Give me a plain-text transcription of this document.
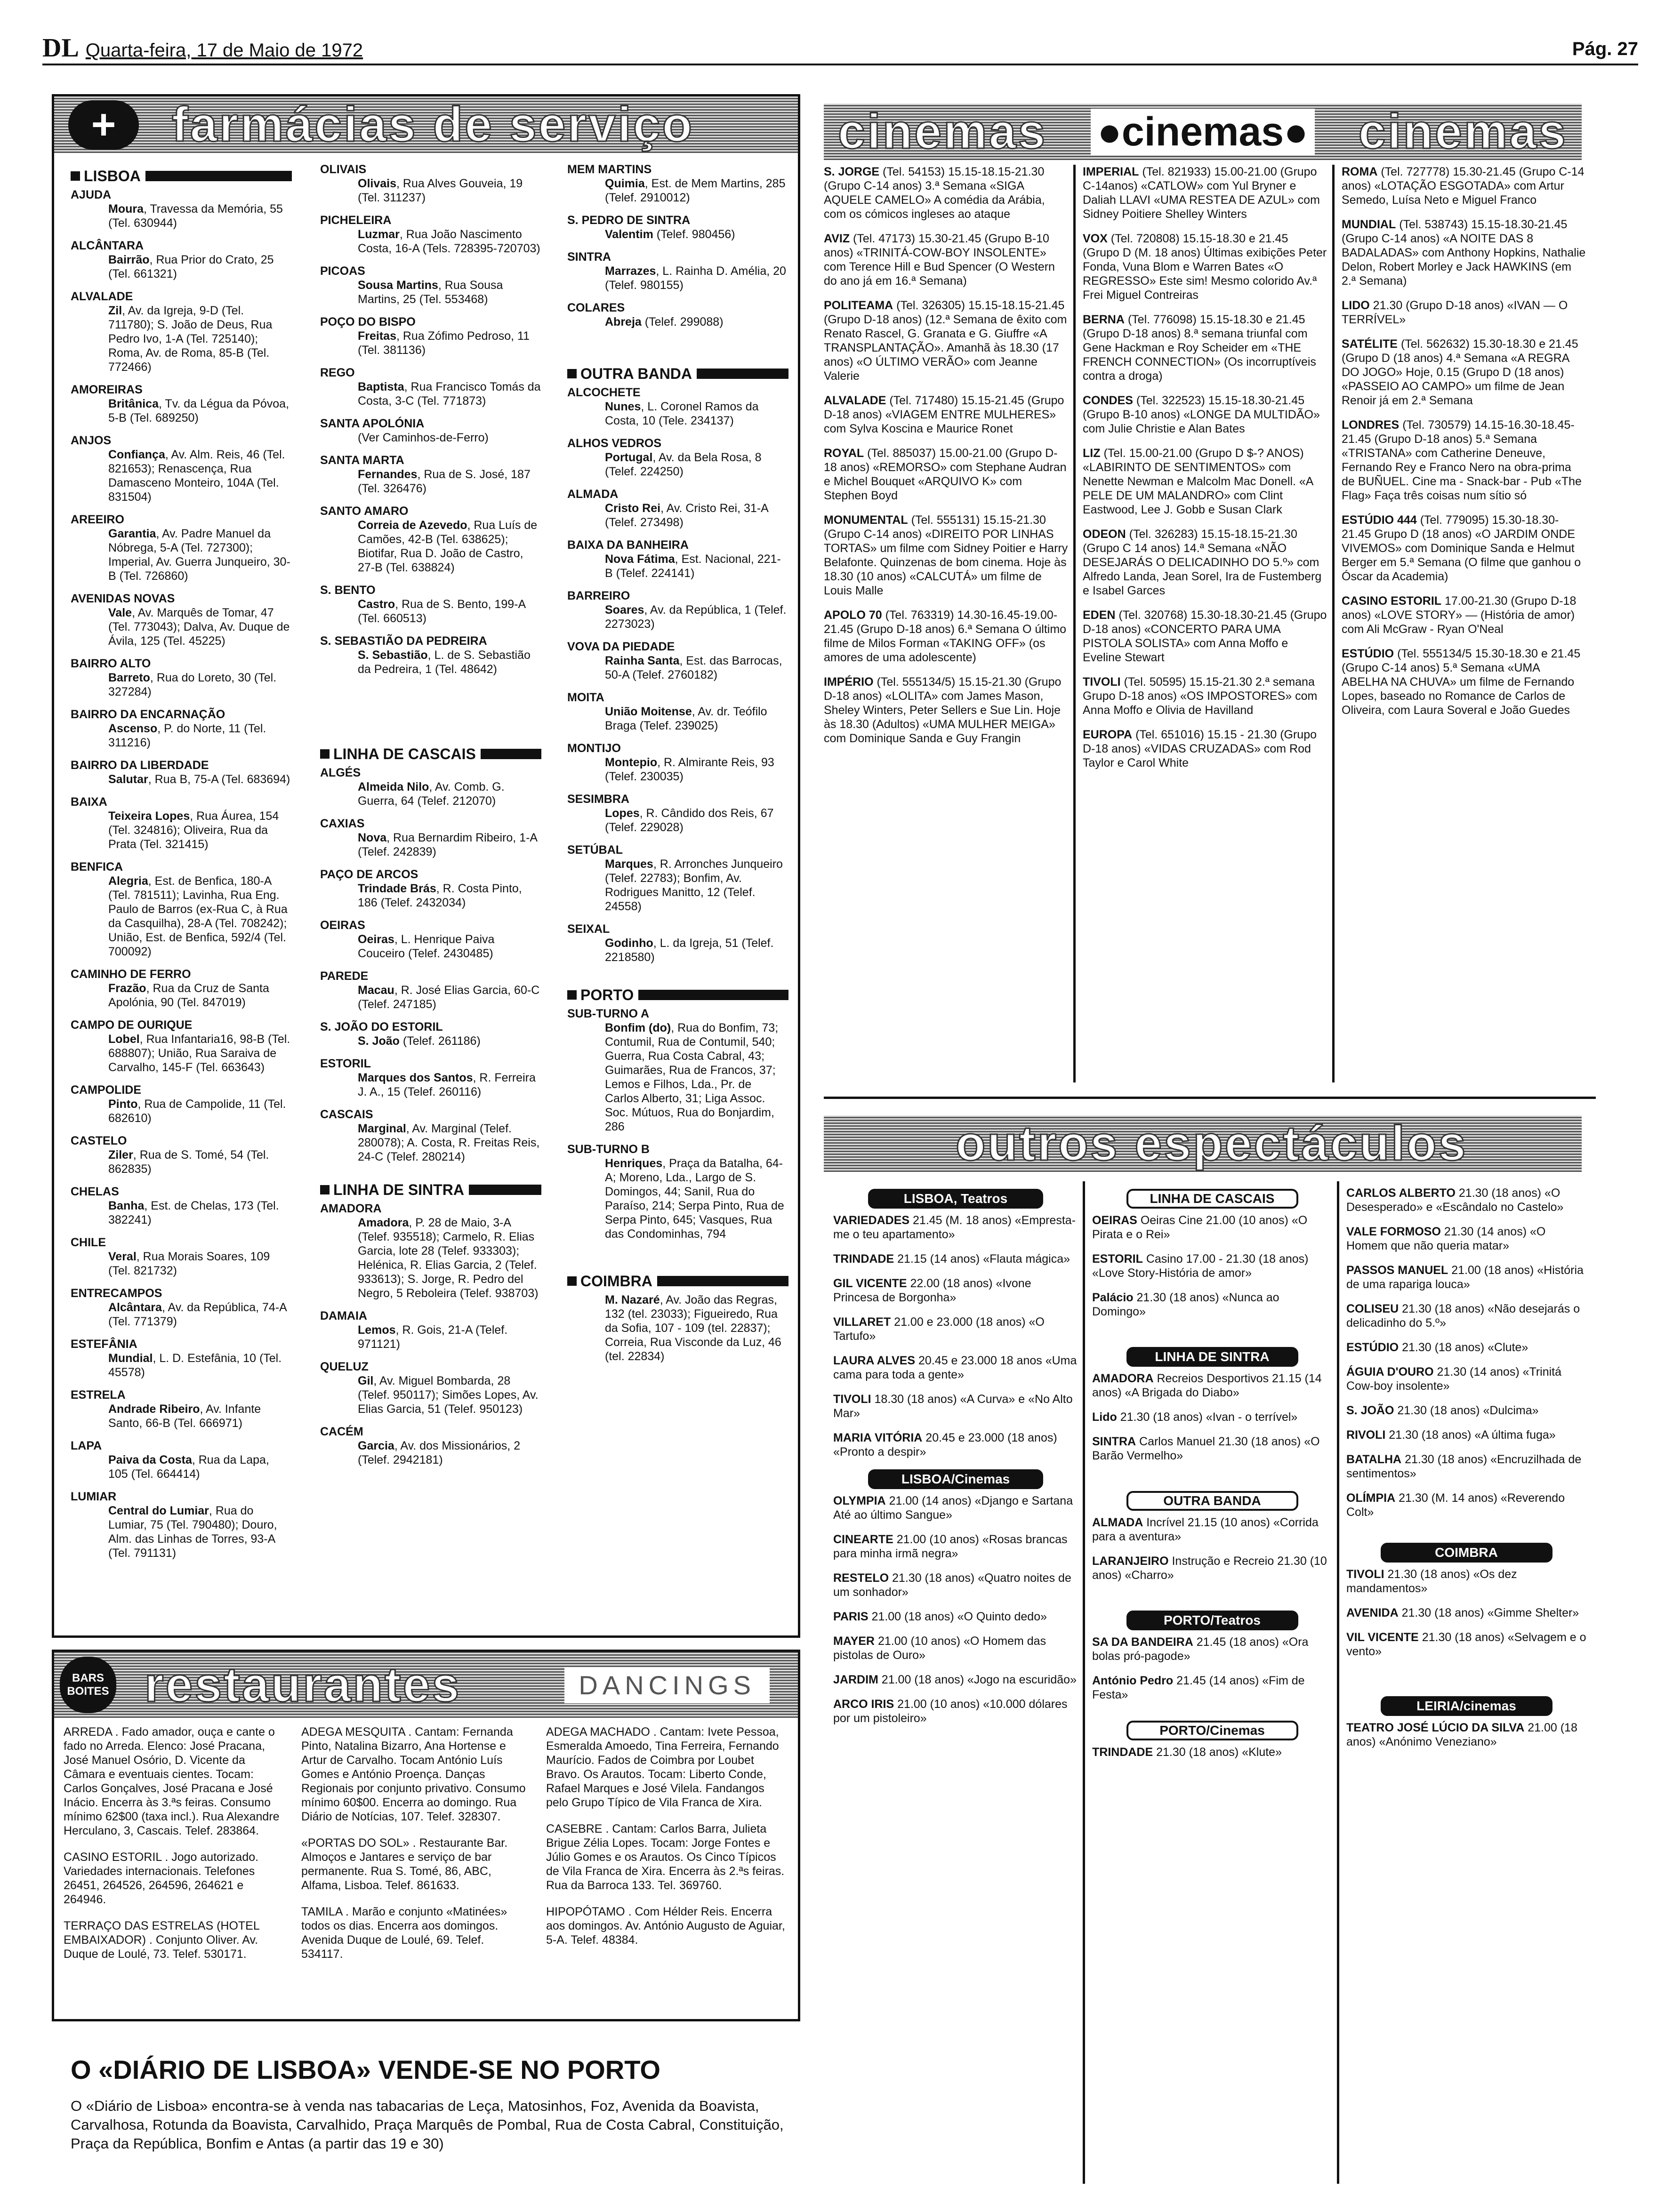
DL Quarta-feira, 17 de Maio de 1972	Pág. 27
+ farmácias de serviço
LISBOA
AJUDA
Moura, Travessa da Memória, 55 (Tel. 630944)
ALCÂNTARA
Bairrão, Rua Prior do Crato, 25 (Tel. 661321)
ALVALADE
Zil, Av. da Igreja, 9-D (Tel. 711780); S. João de Deus, Rua Pedro Ivo, 1-A (Tel. 725140); Roma, Av. de Roma, 85-B (Tel. 772466)
AMOREIRAS
Britânica, Tv. da Légua da Póvoa, 5-B (Tel. 689250)
ANJOS
Confiança, Av. Alm. Reis, 46 (Tel. 821653); Renascença, Rua Damasceno Monteiro, 104A (Tel. 831504)
AREEIRO
Garantia, Av. Padre Manuel da Nóbrega, 5-A (Tel. 727300); Imperial, Av. Guerra Junqueiro, 30-B (Tel. 726860)
AVENIDAS NOVAS
Vale, Av. Marquês de Tomar, 47 (Tel. 773043); Dalva, Av. Duque de Ávila, 125 (Tel. 45225)
BAIRRO ALTO
Barreto, Rua do Loreto, 30 (Tel. 327284)
BAIRRO DA ENCARNAÇÃO
Ascenso, P. do Norte, 11 (Tel. 311216)
BAIRRO DA LIBERDADE
Salutar, Rua B, 75-A (Tel. 683694)
BAIXA
Teixeira Lopes, Rua Áurea, 154 (Tel. 324816); Oliveira, Rua da Prata (Tel. 321415)
BENFICA
Alegria, Est. de Benfica, 180-A (Tel. 781511); Lavinha, Rua Eng. Paulo de Barros (ex-Rua C, à Rua da Casquilha), 28-A (Tel. 708242); União, Est. de Benfica, 592/4 (Tel. 700092)
CAMINHO DE FERRO
Frazão, Rua da Cruz de Santa Apolónia, 90 (Tel. 847019)
CAMPO DE OURIQUE
Lobel, Rua Infantaria16, 98-B (Tel. 688807); União, Rua Saraiva de Carvalho, 145-F (Tel. 663643)
CAMPOLIDE
Pinto, Rua de Campolide, 11 (Tel. 682610)
CASTELO
Ziler, Rua de S. Tomé, 54 (Tel. 862835)
CHELAS
Banha, Est. de Chelas, 173 (Tel. 382241)
CHILE
Veral, Rua Morais Soares, 109 (Tel. 821732)
ENTRECAMPOS
Alcântara, Av. da República, 74-A (Tel. 771379)
ESTEFÂNIA
Mundial, L. D. Estefânia, 10 (Tel. 45578)
ESTRELA
Andrade Ribeiro, Av. Infante Santo, 66-B (Tel. 666971)
LAPA
Paiva da Costa, Rua da Lapa, 105 (Tel. 664414)
LUMIAR
Central do Lumiar, Rua do Lumiar, 75 (Tel. 790480); Douro, Alm. das Linhas de Torres, 93-A (Tel. 791131)
OLIVAIS
Olivais, Rua Alves Gouveia, 19 (Tel. 311237)
PICHELEIRA
Luzmar, Rua João Nascimento Costa, 16-A (Tels. 728395-720703)
PICOAS
Sousa Martins, Rua Sousa Martins, 25 (Tel. 553468)
POÇO DO BISPO
Freitas, Rua Zófimo Pedroso, 11 (Tel. 381136)
REGO
Baptista, Rua Francisco Tomás da Costa, 3-C (Tel. 771873)
SANTA APOLÓNIA
(Ver Caminhos-de-Ferro)
SANTA MARTA
Fernandes, Rua de S. José, 187 (Tel. 326476)
SANTO AMARO
Correia de Azevedo, Rua Luís de Camões, 42-B (Tel. 638625); Biotifar, Rua D. João de Castro, 27-B (Tel. 638824)
S. BENTO
Castro, Rua de S. Bento, 199-A (Tel. 660513)
S. SEBASTIÃO DA PEDREIRA
S. Sebastião, L. de S. Sebastião da Pedreira, 1 (Tel. 48642)
LINHA DE CASCAIS
ALGÉS
Almeida Nilo, Av. Comb. G. Guerra, 64 (Telef. 212070)
CAXIAS
Nova, Rua Bernardim Ribeiro, 1-A (Telef. 242839)
PAÇO DE ARCOS
Trindade Brás, R. Costa Pinto, 186 (Telef. 2432034)
OEIRAS
Oeiras, L. Henrique Paiva Couceiro (Telef. 2430485)
PAREDE
Macau, R. José Elias Garcia, 60-C (Telef. 247185)
S. JOÃO DO ESTORIL
S. João (Telef. 261186)
ESTORIL
Marques dos Santos, R. Ferreira J. A., 15 (Telef. 260116)
CASCAIS
Marginal, Av. Marginal (Telef. 280078); A. Costa, R. Freitas Reis, 24-C (Telef. 280214)
LINHA DE SINTRA
AMADORA
Amadora, P. 28 de Maio, 3-A (Telef. 935518); Carmelo, R. Elias Garcia, lote 28 (Telef. 933303); Helénica, R. Elias Garcia, 2 (Telef. 933613); S. Jorge, R. Pedro del Negro, 5 Reboleira (Telef. 938703)
DAMAIA
Lemos, R. Gois, 21-A (Telef. 971121)
QUELUZ
Gil, Av. Miguel Bombarda, 28 (Telef. 950117); Simões Lopes, Av. Elias Garcia, 51 (Telef. 950123)
CACÉM
Garcia, Av. dos Missionários, 2 (Telef. 2942181)
MEM MARTINS
Quimia, Est. de Mem Martins, 285 (Telef. 2910012)
S. PEDRO DE SINTRA
Valentim (Telef. 980456)
SINTRA
Marrazes, L. Rainha D. Amélia, 20 (Telef. 980155)
COLARES
Abreja (Telef. 299088)
OUTRA BANDA
ALCOCHETE
Nunes, L. Coronel Ramos da Costa, 10 (Tele. 234137)
ALHOS VEDROS
Portugal, Av. da Bela Rosa, 8 (Telef. 224250)
ALMADA
Cristo Rei, Av. Cristo Rei, 31-A (Telef. 273498)
BAIXA DA BANHEIRA
Nova Fátima, Est. Nacional, 221-B (Telef. 224141)
BARREIRO
Soares, Av. da República, 1 (Telef. 2273023)
VOVA DA PIEDADE
Rainha Santa, Est. das Barrocas, 50-A (Telef. 2760182)
MOITA
União Moitense, Av. dr. Teófilo Braga (Telef. 239025)
MONTIJO
Montepio, R. Almirante Reis, 93 (Telef. 230035)
SESIMBRA
Lopes, R. Cândido dos Reis, 67 (Telef. 229028)
SETÚBAL
Marques, R. Arronches Junqueiro (Telef. 22783); Bonfim, Av. Rodrigues Manitto, 12 (Telef. 24558)
SEIXAL
Godinho, L. da Igreja, 51 (Telef. 2218580)
PORTO
SUB-TURNO A
Bonfim (do), Rua do Bonfim, 73; Contumil, Rua de Contumil, 540; Guerra, Rua Costa Cabral, 43; Guimarães, Rua de Francos, 37; Lemos e Filhos, Lda., Pr. de Carlos Alberto, 31; Liga Assoc. Soc. Mútuos, Rua do Bonjardim, 286
SUB-TURNO B
Henriques, Praça da Batalha, 64-A; Moreno, Lda., Largo de S. Domingos, 44; Sanil, Rua do Paraíso, 214; Serpa Pinto, Rua de Serpa Pinto, 645; Vasques, Rua das Condominhas, 794
COIMBRA
M. Nazaré, Av. João das Regras, 132 (tel. 23033); Figueiredo, Rua da Sofia, 107 - 109 (tel. 22837); Correia, Rua Visconde da Luz, 46 (tel. 22834)
cinemas ●cinemas● cinemas
S. JORGE (Tel. 54153) 15.15-18.15-21.30 (Grupo C-14 anos) 3.ª Semana «SIGA AQUELE CAMELO» A comédia da Arábia, com os cómicos ingleses ao ataque
AVIZ (Tel. 47173) 15.30-21.45 (Grupo B-10 anos) «TRINITÁ-COW-BOY INSOLENTE» com Terence Hill e Bud Spencer (O Western do ano já em 16.ª Semana)
POLITEAMA (Tel. 326305) 15.15-18.15-21.45 (Grupo D-18 anos) (12.ª Semana de êxito com Renato Rascel, G. Granata e G. Giuffre «A TRANSPLANTAÇÃO». Amanhã às 18.30 (17 anos) «O ÚLTIMO VERÃO» com Jeanne Valerie
ALVALADE (Tel. 717480) 15.15-21.45 (Grupo D-18 anos) «VIAGEM ENTRE MULHERES» com Sylva Koscina e Maurice Ronet
ROYAL (Tel. 885037) 15.00-21.00 (Grupo D-18 anos) «REMORSO» com Stephane Audran e Michel Bouquet «ARQUIVO K» com Stephen Boyd
MONUMENTAL (Tel. 555131) 15.15-21.30 (Grupo C-14 anos) «DIREITO POR LINHAS TORTAS» um filme com Sidney Poitier e Harry Belafonte. Quinzenas de bom cinema. Hoje às 18.30 (10 anos) «CALCUTÁ» um filme de Louis Malle
APOLO 70 (Tel. 763319) 14.30-16.45-19.00-21.45 (Grupo D-18 anos) 6.ª Semana O último filme de Milos Forman «TAKING OFF» (os amores de uma adolescente)
IMPÉRIO (Tel. 555134/5) 15.15-21.30 (Grupo D-18 anos) «LOLITA» com James Mason, Sheley Winters, Peter Sellers e Sue Lin. Hoje às 18.30 (Adultos) «UMA MULHER MEIGA» com Dominique Sanda e Guy Frangin
IMPERIAL (Tel. 821933) 15.00-21.00 (Grupo C-14anos) «CATLOW» com Yul Bryner e Daliah LLAVI «UMA RESTEA DE AZUL» com Sidney Poitiere Shelley Winters
VOX (Tel. 720808) 15.15-18.30 e 21.45 (Grupo D (M. 18 anos) Últimas exibições Peter Fonda, Vuna Blom e Warren Bates «O REGRESSO» Este sim! Mesmo colorido Av.ª Frei Miguel Contreiras
BERNA (Tel. 776098) 15.15-18.30 e 21.45 (Grupo D-18 anos) 8.ª semana triunfal com Gene Hackman e Roy Scheider em «THE FRENCH CONNECTION» (Os incorruptíveis contra a droga)
CONDES (Tel. 322523) 15.15-18.30-21.45 (Grupo B-10 anos) «LONGE DA MULTIDÃO» com Julie Christie e Alan Bates
LIZ (Tel. 15.00-21.00 (Grupo D $-? ANOS) «LABIRINTO DE SENTIMENTOS» com Nenette Newman e Malcolm Mac Donell. «A PELE DE UM MALANDRO» com Clint Eastwood, Lee J. Gobb e Susan Clark
ODEON (Tel. 326283) 15.15-18.15-21.30 (Grupo C 14 anos) 14.ª Semana «NÃO DESEJARÁS O DELICADINHO DO 5.º» com Alfredo Landa, Jean Sorel, Ira de Fustemberg e Isabel Garces
EDEN (Tel. 320768) 15.30-18.30-21.45 (Grupo D-18 anos) «CONCERTO PARA UMA PISTOLA SOLISTA» com Anna Moffo e Eveline Stewart
TIVOLI (Tel. 50595) 15.15-21.30 2.ª semana Grupo D-18 anos) «OS IMPOSTORES» com Anna Moffo e Olivia de Havilland
EUROPA (Tel. 651016) 15.15 - 21.30 (Grupo D-18 anos) «VIDAS CRUZADAS» com Rod Taylor e Carol White
ROMA (Tel. 727778) 15.30-21.45 (Grupo C-14 anos) «LOTAÇÃO ESGOTADA» com Artur Semedo, Luísa Neto e Miguel Franco
MUNDIAL (Tel. 538743) 15.15-18.30-21.45 (Grupo C-14 anos) «A NOITE DAS 8 BADALADAS» com Anthony Hopkins, Nathalie Delon, Robert Morley e Jack HAWKINS (em 2.ª Semana)
LIDO 21.30 (Grupo D-18 anos) «IVAN — O TERRÍVEL»
SATÉLITE (Tel. 562632) 15.30-18.30 e 21.45 (Grupo D (18 anos) 4.ª Semana «A REGRA DO JOGO» Hoje, 0.15 (Grupo D (18 anos) «PASSEIO AO CAMPO» um filme de Jean Renoir já em 2.ª Semana
LONDRES (Tel. 730579) 14.15-16.30-18.45-21.45 (Grupo D-18 anos) 5.ª Semana «TRISTANA» com Catherine Deneuve, Fernando Rey e Franco Nero na obra-prima de BUÑUEL. Cine ma - Snack-bar - Pub «The Flag» Faça três coisas num sítio só
ESTÚDIO 444 (Tel. 779095) 15.30-18.30-21.45 Grupo D (18 anos) «O JARDIM ONDE VIVEMOS» com Dominique Sanda e Helmut Berger em 5.ª Semana (O filme que ganhou o Óscar da Academia)
CASINO ESTORIL 17.00-21.30 (Grupo D-18 anos) «LOVE STORY» — (História de amor) com Ali McGraw - Ryan O'Neal
ESTÚDIO (Tel. 555134/5 15.30-18.30 e 21.45 (Grupo C-14 anos) 5.ª Semana «UMA ABELHA NA CHUVA» um filme de Fernando Lopes, baseado no Romance de Carlos de Oliveira, com Laura Soveral e João Guedes
outros espectáculos
LISBOA, Teatros
VARIEDADES 21.45 (M. 18 anos) «Empresta-me o teu apartamento»
TRINDADE 21.15 (14 anos) «Flauta mágica»
GIL VICENTE 22.00 (18 anos) «Ivone Princesa de Borgonha»
VILLARET 21.00 e 23.000 (18 anos) «O Tartufo»
LAURA ALVES 20.45 e 23.000 18 anos «Uma cama para toda a gente»
TIVOLI 18.30 (18 anos) «A Curva» e «No Alto Mar»
MARIA VITÓRIA 20.45 e 23.000 (18 anos) «Pronto a despir»
LISBOA/Cinemas
OLYMPIA 21.00 (14 anos) «Django e Sartana Até ao último Sangue»
CINEARTE 21.00 (10 anos) «Rosas brancas para minha irmã negra»
RESTELO 21.30 (18 anos) «Quatro noites de um sonhador»
PARIS 21.00 (18 anos) «O Quinto dedo»
MAYER 21.00 (10 anos) «O Homem das pistolas de Ouro»
JARDIM 21.00 (18 anos) «Jogo na escuridão»
ARCO IRIS 21.00 (10 anos) «10.000 dólares por um pistoleiro»
LINHA DE CASCAIS
OEIRAS Oeiras Cine 21.00 (10 anos) «O Pirata e o Rei»
ESTORIL Casino 17.00 - 21.30 (18 anos) «Love Story-História de amor»
Palácio 21.30 (18 anos) «Nunca ao Domingo»
LINHA DE SINTRA
AMADORA Recreios Desportivos 21.15 (14 anos) «A Brigada do Diabo»
Lido 21.30 (18 anos) «Ivan - o terrível»
SINTRA Carlos Manuel 21.30 (18 anos) «O Barão Vermelho»
OUTRA BANDA
ALMADA Incrível 21.15 (10 anos) «Corrida para a aventura»
LARANJEIRO Instrução e Recreio 21.30 (10 anos) «Charro»
PORTO/Teatros
SA DA BANDEIRA 21.45 (18 anos) «Ora bolas pró-pagode»
António Pedro 21.45 (14 anos) «Fim de Festa»
PORTO/Cinemas
TRINDADE 21.30 (18 anos) «Klute»
CARLOS ALBERTO 21.30 (18 anos) «O Desesperado» e «Escândalo no Castelo»
VALE FORMOSO 21.30 (14 anos) «O Homem que não queria matar»
PASSOS MANUEL 21.00 (18 anos) «História de uma rapariga louca»
COLISEU 21.30 (18 anos) «Não desejarás o delicadinho do 5.º»
ESTÚDIO 21.30 (18 anos) «Clute»
ÁGUIA D'OURO 21.30 (14 anos) «Trinitá Cow-boy insolente»
S. JOÃO 21.30 (18 anos) «Dulcima»
RIVOLI 21.30 (18 anos) «A última fuga»
BATALHA 21.30 (18 anos) «Encruzilhada de sentimentos»
OLÍMPIA 21.30 (M. 14 anos) «Reverendo Colt»
COIMBRA
TIVOLI 21.30 (18 anos) «Os dez mandamentos»
AVENIDA 21.30 (18 anos) «Gimme Shelter»
VIL VICENTE 21.30 (18 anos) «Selvagem e o vento»
LEIRIA/cinemas
TEATRO JOSÉ LÚCIO DA SILVA 21.00 (18 anos) «Anónimo Veneziano»
BARS
BOITES restaurantes	DANCINGS
ARREDA . Fado amador, ouça e cante o fado no Arreda. Elenco: José Pracana, José Manuel Osório, D. Vicente da Câmara e eventuais cientes. Tocam: Carlos Gonçalves, José Pracana e José Inácio. Encerra às 3.ªs feiras. Consumo mínimo 62$00 (taxa incl.). Rua Alexandre Herculano, 3, Cascais. Telef. 283864.
CASINO ESTORIL . Jogo autorizado. Variedades internacionais. Telefones 26451, 264526, 264596, 264621 e 264946.
TERRAÇO DAS ESTRELAS (HOTEL EMBAIXADOR) . Conjunto Oliver. Av. Duque de Loulé, 73. Telef. 530171.
ADEGA MESQUITA . Cantam: Fernanda Pinto, Natalina Bizarro, Ana Hortense e Artur de Carvalho. Tocam António Luís Gomes e António Proença. Danças Regionais por conjunto privativo. Consumo mínimo 60$00. Encerra ao domingo. Rua Diário de Notícias, 107. Telef. 328307.
«PORTAS DO SOL» . Restaurante Bar. Almoços e Jantares e serviço de bar permanente. Rua S. Tomé, 86, ABC, Alfama, Lisboa. Telef. 861633.
TAMILA . Marão e conjunto «Matinées» todos os dias. Encerra aos domingos. Avenida Duque de Loulé, 69. Telef. 534117.
ADEGA MACHADO . Cantam: Ivete Pessoa, Esmeralda Amoedo, Tina Ferreira, Fernando Maurício. Fados de Coimbra por Loubet Bravo. Os Arautos. Tocam: Liberto Conde, Rafael Marques e José Vilela. Fandangos pelo Grupo Típico de Vila Franca de Xira.
CASEBRE . Cantam: Carlos Barra, Julieta Brigue Zélia Lopes. Tocam: Jorge Fontes e Júlio Gomes e os Arautos. Os Cinco Típicos de Vila Franca de Xira. Encerra às 2.ªs feiras. Rua da Barroca 133. Tel. 369760.
HIPOPÓTAMO . Com Hélder Reis. Encerra aos domingos. Av. António Augusto de Aguiar, 5-A. Telef. 48384.
O «DIÁRIO DE LISBOA» VENDE-SE NO PORTO
O «Diário de Lisboa» encontra-se à venda nas tabacarias de Leça, Matosinhos, Foz, Avenida da Boavista, Carvalhosa, Rotunda da Boavista, Carvalhido, Praça Marquês de Pombal, Rua de Costa Cabral, Constituição, Praça da República, Bonfim e Antas (a partir das 19 e 30)
